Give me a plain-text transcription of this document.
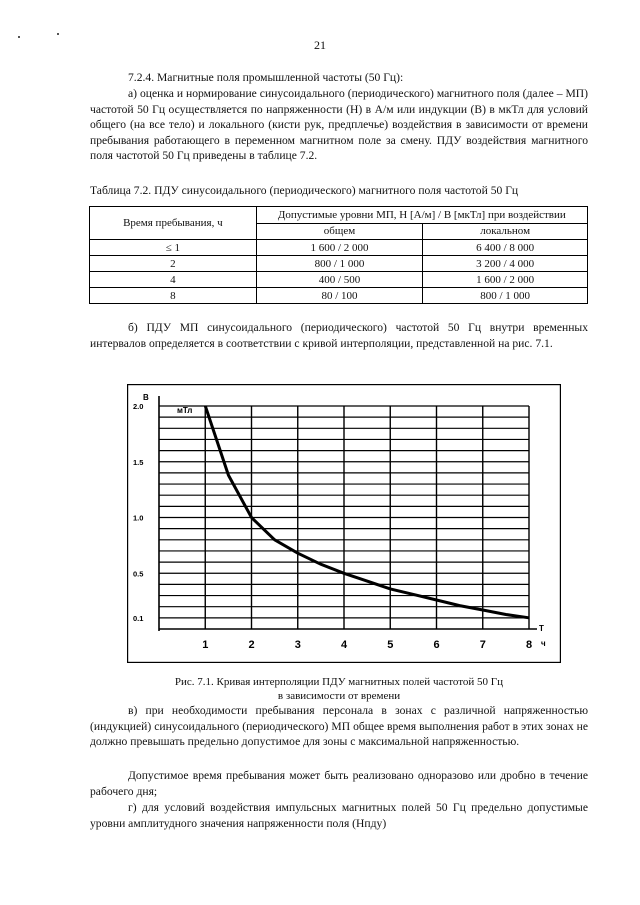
21

7.2.4. Магнитные поля промышленной частоты (50 Гц):

а) оценка и нормирование синусоидального (периодического) магнитного поля (далее – МП) частотой 50 Гц осуществляется по напряженности (Н) в А/м или индукции (В) в мкТл для условий общего (на все тело) и локального (кисти рук, предплечье) воздействия в зависимости от времени пребывания работающего в переменном магнитном поле за смену. ПДУ воздействия магнитного поля частотой 50 Гц приведены в таблице 7.2.

Таблица 7.2. ПДУ синусоидального (периодического) магнитного поля частотой 50 Гц

Время пребывания, ч	Допустимые уровни МП, Н [А/м] / В [мкТл] при воздействии	
	общем	локальном
≤ 1	1 600 / 2 000	6 400 / 8 000
2	800 / 1 000	3 200 / 4 000
4	400 / 500	1 600 / 2 000
8	80 / 100	800 / 1 000

б) ПДУ МП синусоидального (периодического) частотой 50 Гц внутри временных интервалов определяется в соответствии с кривой интерполяции, представленной на рис. 7.1.

2.0
1.5
1.0
0.5
0.1
1	2	3	4	5	6	7	8
В
мТл
Т
ч
Рис. 7.1. Кривая интерполяции ПДУ магнитных полей частотой 50 Гц
в зависимости от времени

в) при необходимости пребывания персонала в зонах с различной напряженностью (индукцией) синусоидального (периодического) МП общее время выполнения работ в этих зонах не должно превышать предельно допустимое для зоны с максимальной напряженностью.

Допустимое время пребывания может быть реализовано одноразово или дробно в течение рабочего дня;

г) для условий воздействия импульсных магнитных полей 50 Гц предельно допустимые уровни амплитудного значения напряженности поля (Нпду)
